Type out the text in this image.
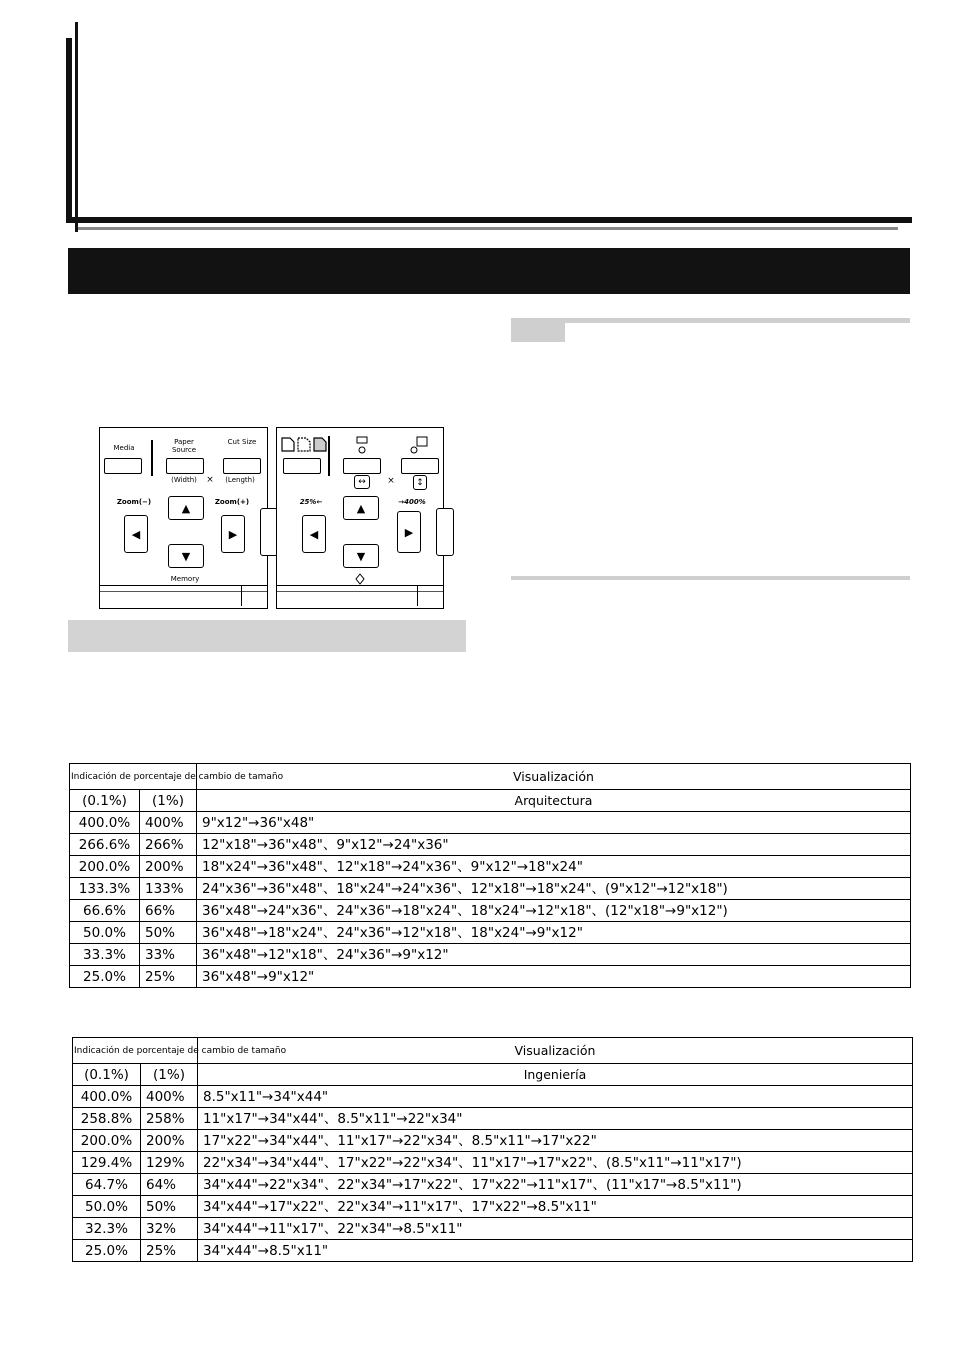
Media
Paper Source
Cut Size
(Width)	×	(Length)
Zoom(−)	Zoom(+)
◀
▲
▶
▼
Memory
↔	×	↕
25%←	→400%
◀
▲
▶
▼
Indicación de porcentaje de cambio de tamaño		Visualización
(0.1%)	(1%)	Arquitectura
400.0%	400%	9"x12"→36"x48"
266.6%	266%	12"x18"→36"x48"、9"x12"→24"x36"
200.0%	200%	18"x24"→36"x48"、12"x18"→24"x36"、9"x12"→18"x24"
133.3%	133%	24"x36"→36"x48"、18"x24"→24"x36"、12"x18"→18"x24"、(9"x12"→12"x18")
66.6%	66%	36"x48"→24"x36"、24"x36"→18"x24"、18"x24"→12"x18"、(12"x18"→9"x12")
50.0%	50%	36"x48"→18"x24"、24"x36"→12"x18"、18"x24"→9"x12"
33.3%	33%	36"x48"→12"x18"、24"x36"→9"x12"
25.0%	25%	36"x48"→9"x12"
Indicación de porcentaje de cambio de tamaño		Visualización
(0.1%)	(1%)	Ingeniería
400.0%	400%	8.5"x11"→34"x44"
258.8%	258%	11"x17"→34"x44"、8.5"x11"→22"x34"
200.0%	200%	17"x22"→34"x44"、11"x17"→22"x34"、8.5"x11"→17"x22"
129.4%	129%	22"x34"→34"x44"、17"x22"→22"x34"、11"x17"→17"x22"、(8.5"x11"→11"x17")
64.7%	64%	34"x44"→22"x34"、22"x34"→17"x22"、17"x22"→11"x17"、(11"x17"→8.5"x11")
50.0%	50%	34"x44"→17"x22"、22"x34"→11"x17"、17"x22"→8.5"x11"
32.3%	32%	34"x44"→11"x17"、22"x34"→8.5"x11"
25.0%	25%	34"x44"→8.5"x11"
